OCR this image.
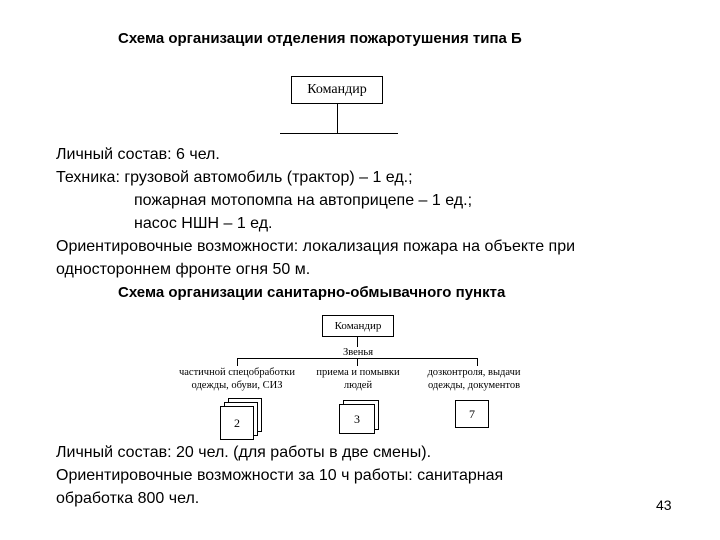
Схема организации отделения пожаротушения типа Б
Командир
Личный состав: 6 чел.
Техника: грузовой автомобиль (трактор) – 1 ед.;
пожарная мотопомпа на автоприцепе – 1 ед.;
насос НШН – 1 ед.
Ориентировочные возможности: локализация пожара на объекте при
одностороннем фронте огня 50 м.
Схема организации санитарно-обмывачного пункта
Командир
Звенья
частичной спецобработки
одежды, обуви, СИЗ
2
приема и помывки
людей
3
дозконтроля, выдачи
одежды, документов
7
Личный состав: 20 чел. (для работы в две смены).
Ориентировочные возможности за 10 ч работы: санитарная
обработка 800 чел.	43
